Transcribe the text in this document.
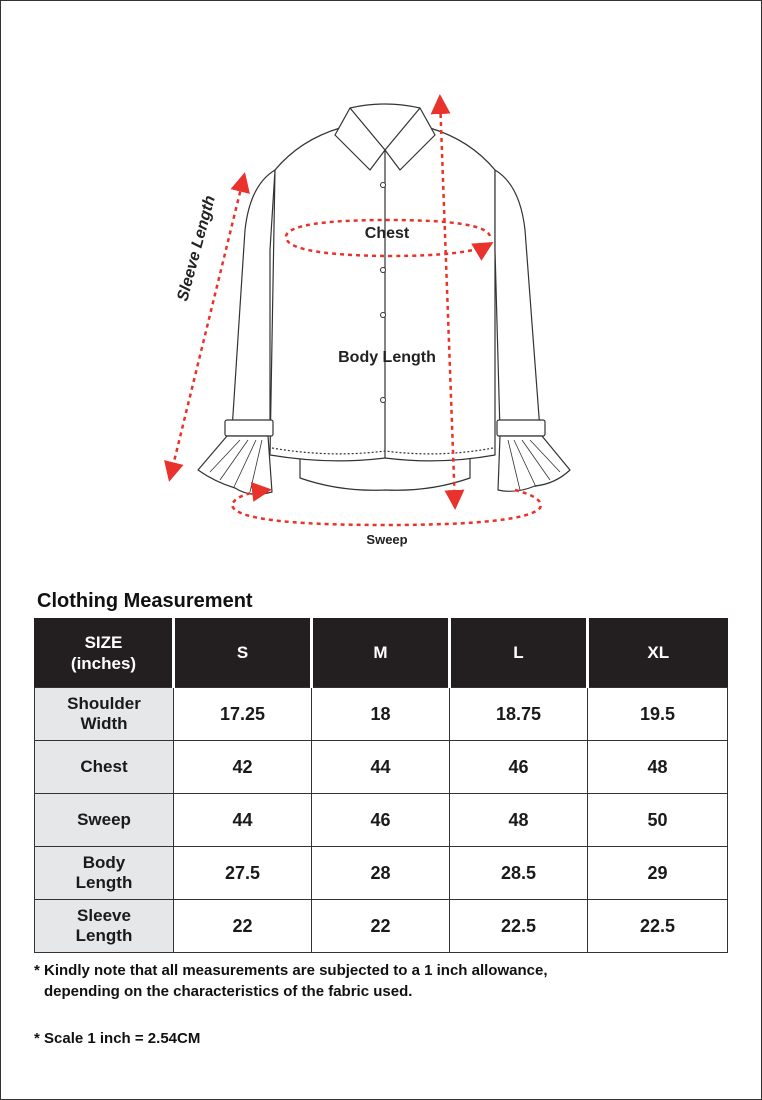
Sleeve Length	Chest
Body Length
Sweep
Clothing Measurement
SIZE
(inches)	S	M	L	XL
Shoulder
Width	17.25	18	18.75	19.5
Chest	42	44	46	48
Sweep	44	46	48	50
Body
Length	27.5	28	28.5	29
Sleeve
Length	22	22	22.5	22.5
* Kindly note that all measurements are subjected to a 1 inch allowance,
depending on the characteristics of the fabric used.
* Scale 1 inch = 2.54CM
